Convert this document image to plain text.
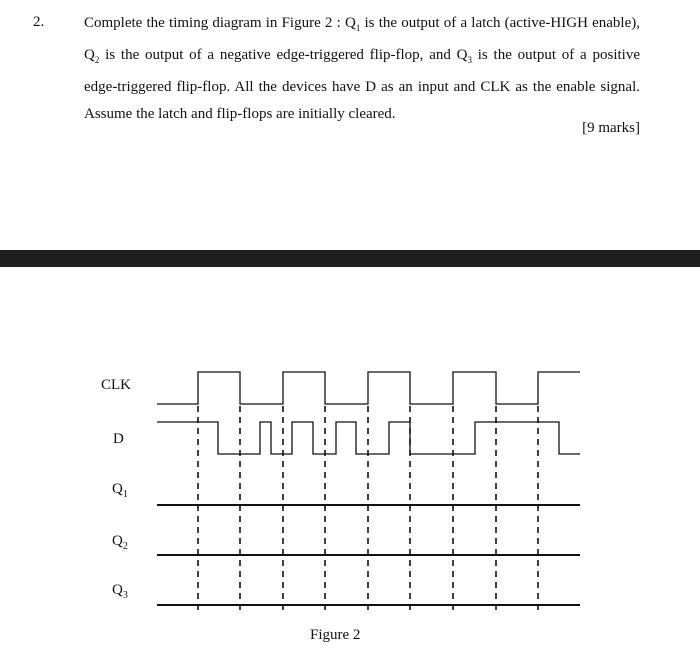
2.	Complete the timing diagram in Figure 2 : $Q_1$ is the output of a latch (active-HIGH enable), $Q_2$ is the output of a negative edge-triggered flip-flop, and $Q_3$ is the output of a positive edge-triggered flip-flop. All the devices have D as an input and CLK as the enable signal. Assume the latch and flip-flops are initially cleared.
[9 marks]
CLK
D
$Q_1$
$Q_2$
$Q_3$
Figure 2
